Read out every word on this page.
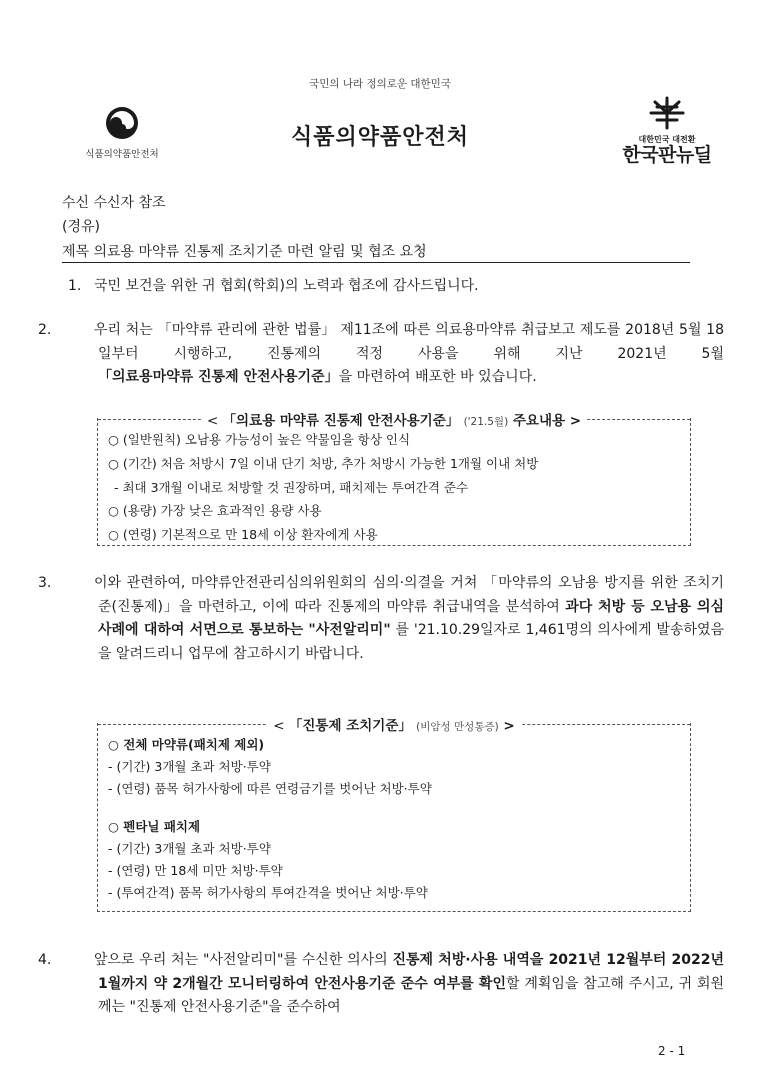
국민의 나라 정의로운 대한민국
식품의약품안전처
식품의약품안전처	대한민국 대전환
한국판뉴딜
수신 수신자 참조
(경유)
제목 의료용 마약류 진통제 조치기준 마련 알림 및 협조 요청
1. 국민 보건을 위한 귀 협회(학회)의 노력과 협조에 감사드립니다.
2.	우리 처는 「마약류 관리에 관한 법률」 제11조에 따른 의료용마약류 취급보고 제도를 2018년 5월 18일부터 시행하고, 진통제의 적정 사용을 위해 지난 2021년 5월 「의료용마약류 진통제 안전사용기준」을 마련하여 배포한 바 있습니다.
< 「의료용 마약류 진통제 안전사용기준」 ('21.5월) 주요내용 >
○ (일반원칙) 오남용 가능성이 높은 약물임을 항상 인식
○ (기간) 처음 처방시 7일 이내 단기 처방, 추가 처방시 가능한 1개월 이내 처방
- 최대 3개월 이내로 처방할 것 권장하며, 패치제는 투여간격 준수
○ (용량) 가장 낮은 효과적인 용량 사용
○ (연령) 기본적으로 만 18세 이상 환자에게 사용
3.	이와 관련하여, 마약류안전관리심의위원회의 심의·의결을 거쳐 「마약류의 오남용 방지를 위한 조치기준(진통제)」을 마련하고, 이에 따라 진통제의 마약류 취급내역을 분석하여 과다 처방 등 오남용 의심 사례에 대하여 서면으로 통보하는 "사전알리미" 를 '21.10.29일자로 1,461명의 의사에게 발송하였음을 알려드리니 업무에 참고하시기 바랍니다.
< 「진통제 조치기준」 (비암성 만성통증) >
○ 전체 마약류(패치제 제외)
- (기간) 3개월 초과 처방·투약
- (연령) 품목 허가사항에 따른 연령금기를 벗어난 처방·투약
○ 펜타닐 패치제
- (기간) 3개월 초과 처방·투약
- (연령) 만 18세 미만 처방·투약
- (투여간격) 품목 허가사항의 투여간격을 벗어난 처방·투약
4.	앞으로 우리 처는 "사전알리미"를 수신한 의사의 진통제 처방·사용 내역을 2021년 12월부터 2022년 1월까지 약 2개월간 모니터링하여 안전사용기준 준수 여부를 확인할 계획임을 참고해 주시고, 귀 회원께는 "진통제 안전사용기준"을 준수하여
2 - 1
